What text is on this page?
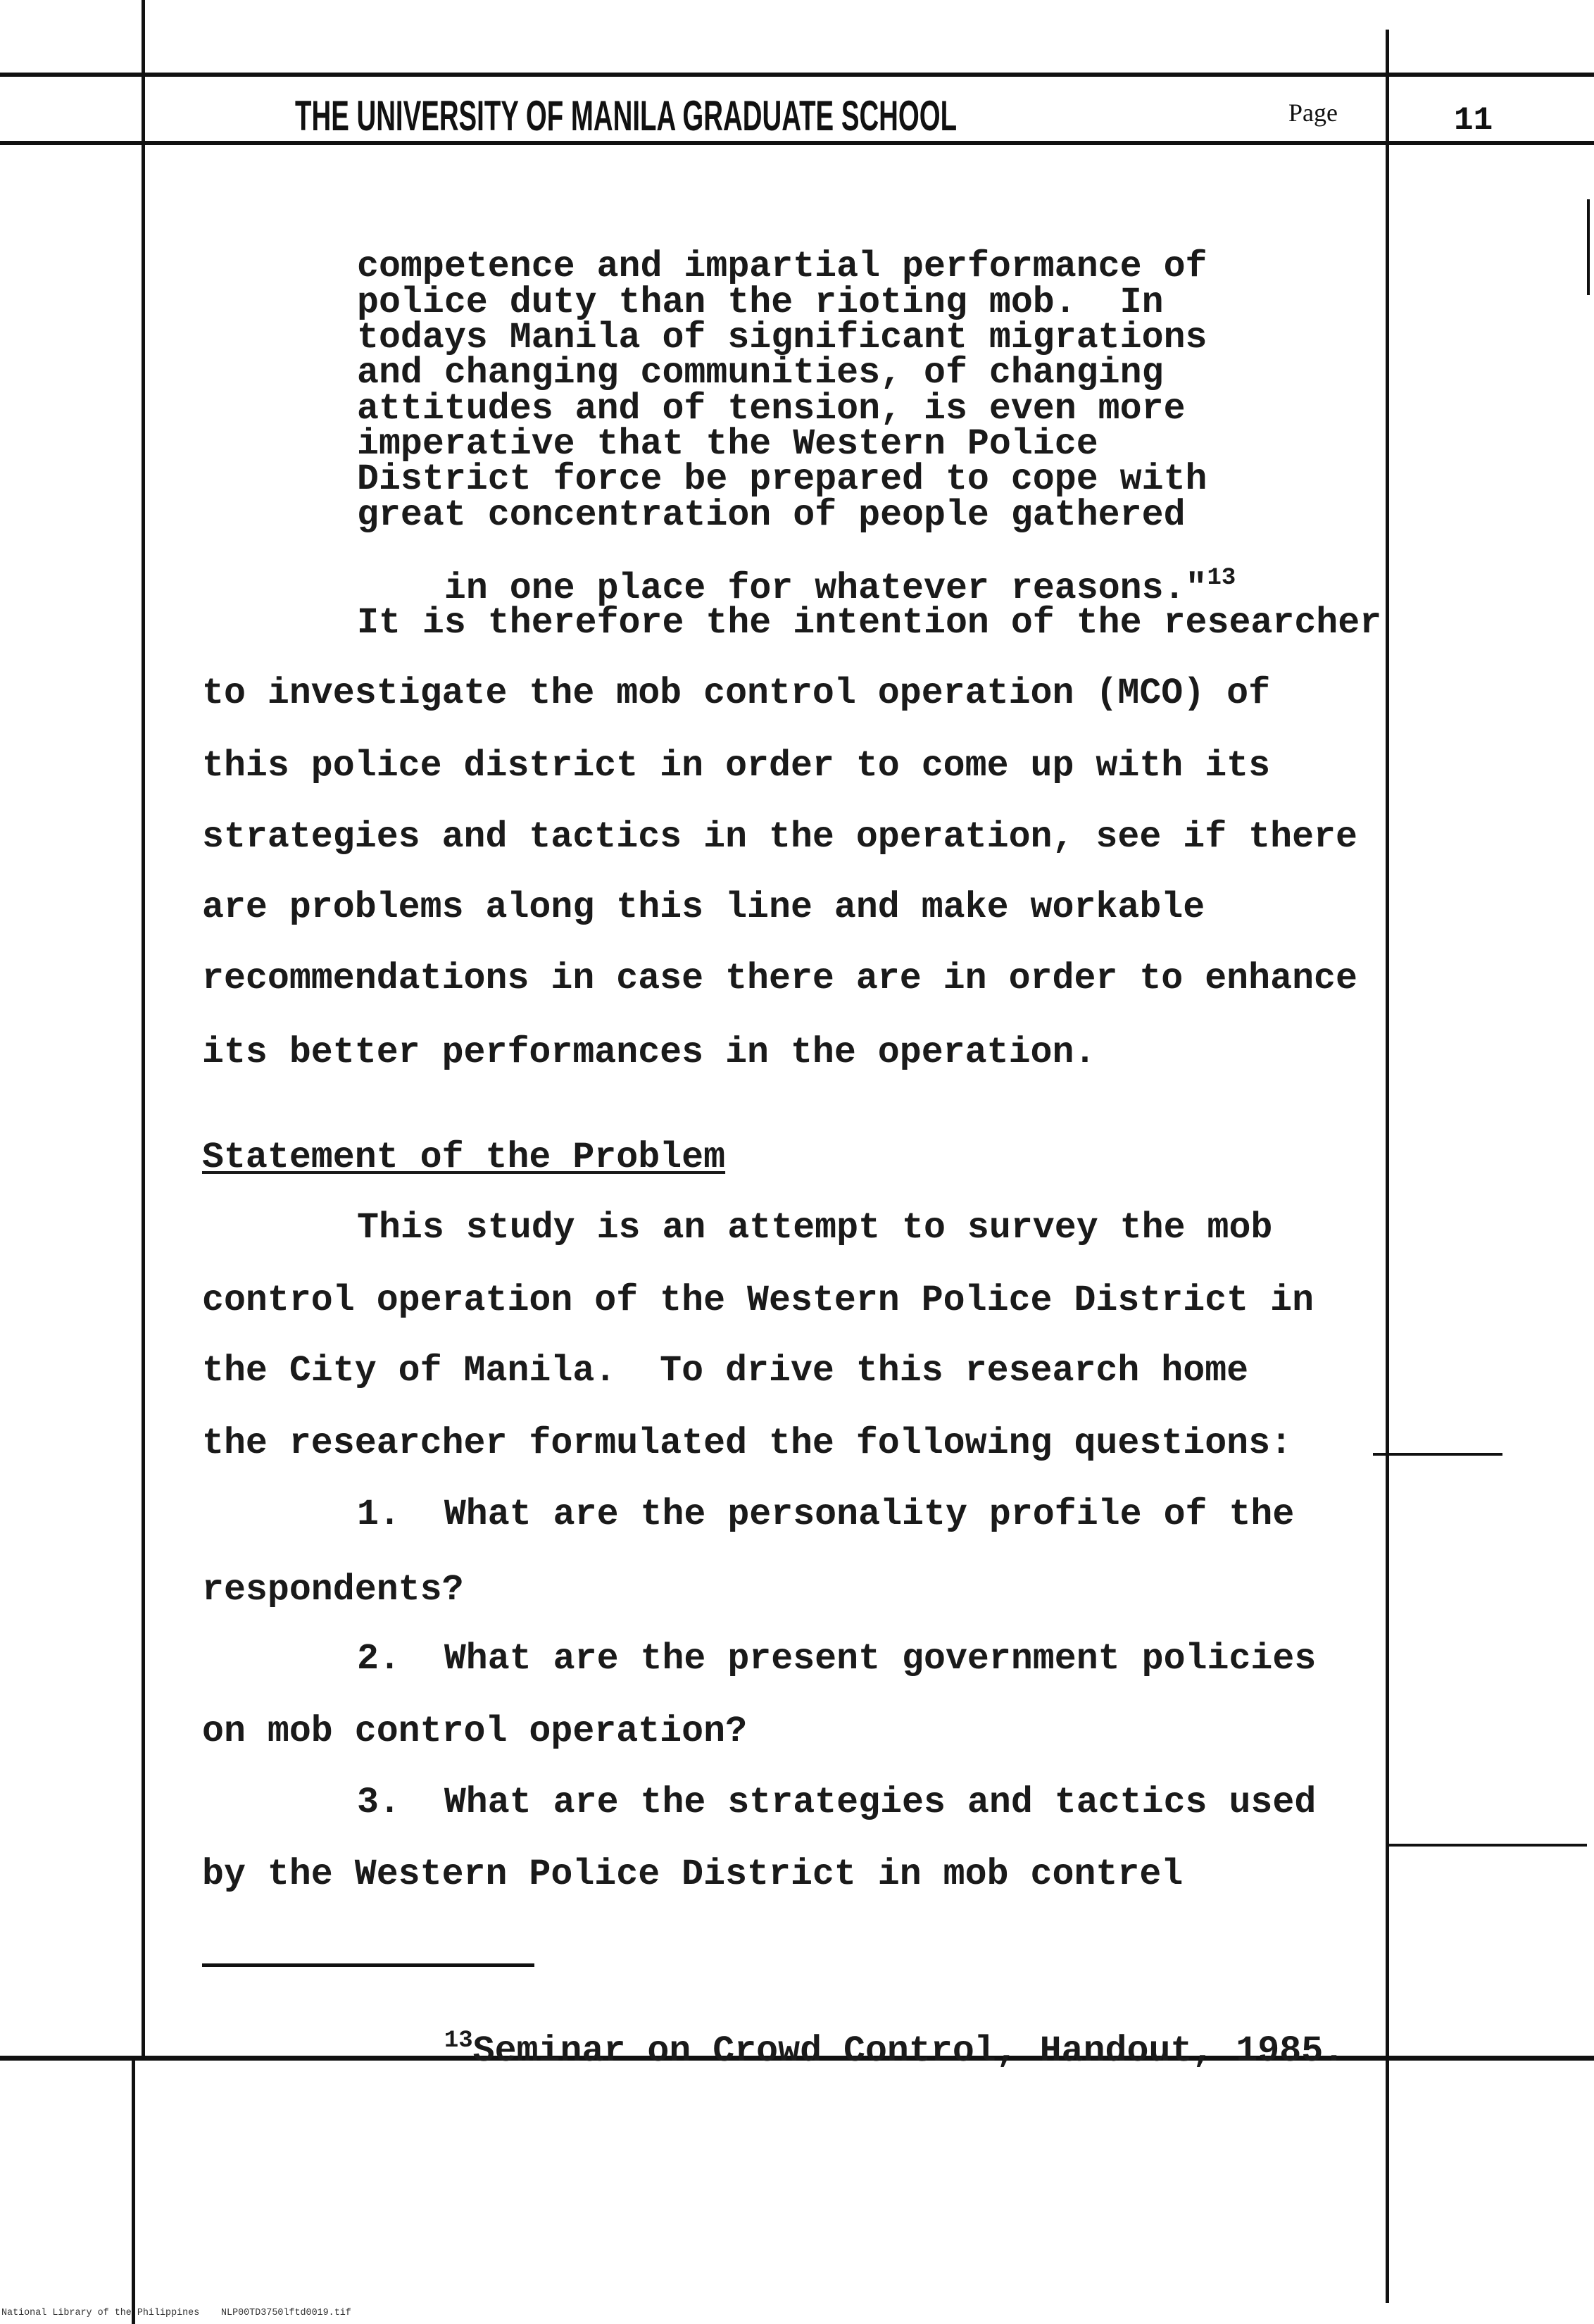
THE UNIVERSITY OF MANILA GRADUATE SCHOOL	Page	11
competence and impartial performance of
police duty than the rioting mob.  In
todays Manila of significant migrations
and changing communities, of changing
attitudes and of tension, is even more
imperative that the Western Police
District force be prepared to cope with
great concentration of people gathered

in one place for whatever reasons."$^{13}$

It is therefore the intention of the researcher
to investigate the mob control operation (MCO) of
this police district in order to come up with its
strategies and tactics in the operation, see if there
are problems along this line and make workable
recommendations in case there are in order to enhance
its better performances in the operation.
Statement of the Problem
This study is an attempt to survey the mob
control operation of the Western Police District in
the City of Manila.  To drive this research home
the researcher formulated the following questions:
1.  What are the personality profile of the
respondents?
2.  What are the present government policies
on mob control operation?
3.  What are the strategies and tactics used
by the Western Police District in mob contrel

$^{13}$Seminar on Crowd Control, Handout, 1985.

National Library of the Philippines NLP00TD3750lftd0019.tif
